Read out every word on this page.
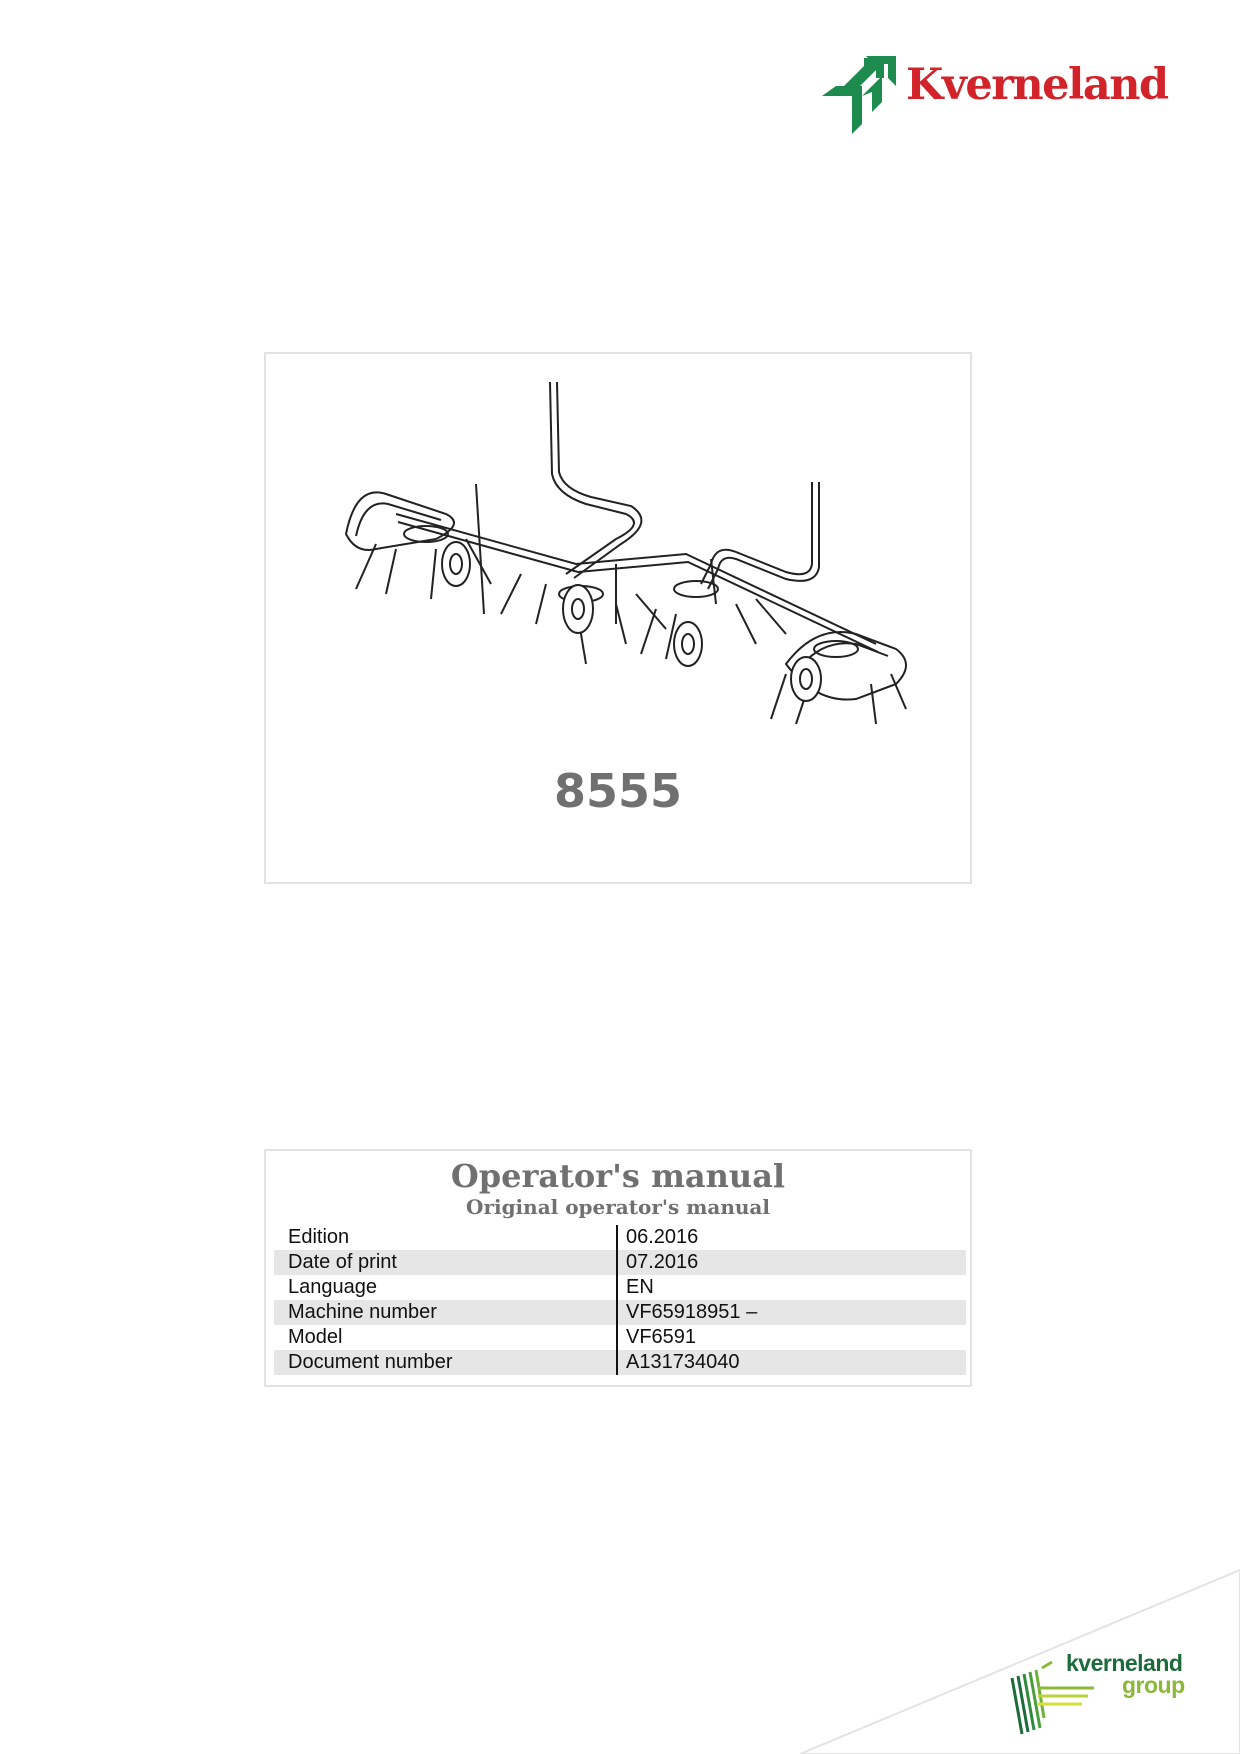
Kverneland
8555
Operator's manual
Original operator's manual
Edition	06.2016
Date of print	07.2016
Language	EN
Machine number	VF65918951 –
Model	VF6591
Document number	A131734040
kverneland
group
